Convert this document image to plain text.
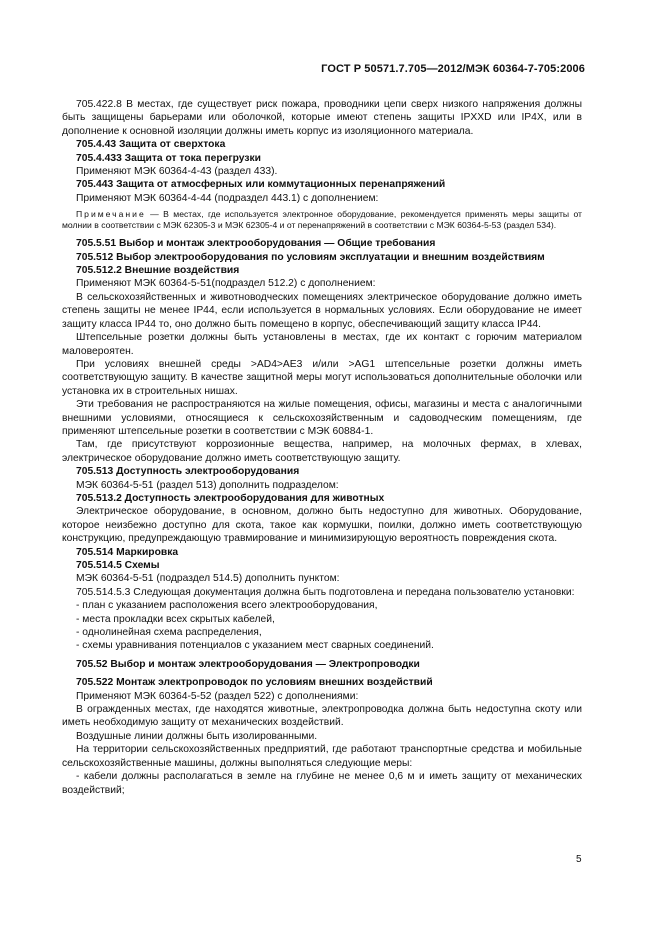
ГОСТ Р 50571.7.705—2012/МЭК 60364-7-705:2006

705.422.8 В местах, где существует риск пожара, проводники цепи сверх низкого напряжения должны быть защищены барьерами или оболочкой, которые имеют степень защиты IPXXD или IP4X, или в дополнение к основной изоляции должны иметь корпус из изоляционного материала.

705.4.43 Защита от сверхтока

705.4.433 Защита от тока перегрузки

Применяют МЭК 60364-4-43 (раздел 433).

705.443 Защита от атмосферных или коммутационных перенапряжений

Применяют МЭК 60364-4-44 (подраздел 443.1) с дополнением:

Примечание — В местах, где используется электронное оборудование, рекомендуется применять меры защиты от молнии в соответствии с МЭК 62305-3 и МЭК 62305-4 и от перенапряжений в соответствии с МЭК 60364-5-53 (раздел 534).

705.5.51 Выбор и монтаж электрооборудования — Общие требования

705.512 Выбор электрооборудования по условиям эксплуатации и внешним воздействиям

705.512.2 Внешние воздействия

Применяют МЭК 60364-5-51(подраздел 512.2) с дополнением:

В сельскохозяйственных и животноводческих помещениях электрическое оборудование должно иметь степень защиты не менее IP44, если используется в нормальных условиях. Если оборудование не имеет защиту класса IP44 то, оно должно быть помещено в корпус, обеспечивающий защиту класса IP44.

Штепсельные розетки должны быть установлены в местах, где их контакт с горючим материалом маловероятен.

При условиях внешней среды >AD4>AE3 и/или >AG1 штепсельные розетки должны иметь соответствующую защиту. В качестве защитной меры могут использоваться дополнительные оболочки или установка их в строительных нишах.

Эти требования не распространяются на жилые помещения, офисы, магазины и места с аналогичными внешними условиями, относящиеся к сельскохозяйственным и садоводческим помещениям, где применяют штепсельные розетки в соответствии с МЭК 60884-1.

Там, где присутствуют коррозионные вещества, например, на молочных фермах, в хлевах, электрическое оборудование должно иметь соответствующую защиту.

705.513 Доступность электрооборудования

МЭК 60364-5-51 (раздел 513) дополнить подразделом:

705.513.2 Доступность электрооборудования для животных

Электрическое оборудование, в основном, должно быть недоступно для животных. Оборудование, которое неизбежно доступно для скота, такое как кормушки, поилки, должно иметь соответствующую конструкцию, предупреждающую травмирование и минимизирующую вероятность повреждения скота.

705.514 Маркировка

705.514.5 Схемы

МЭК 60364-5-51 (подраздел 514.5) дополнить пунктом:

705.514.5.3 Следующая документация должна быть подготовлена и передана пользователю установки:

- план с указанием расположения всего электрооборудования,

- места прокладки всех скрытых кабелей,

- однолинейная схема распределения,

- схемы уравнивания потенциалов с указанием мест сварных соединений.

705.52 Выбор и монтаж электрооборудования — Электропроводки

705.522 Монтаж электропроводок по условиям внешних воздействий

Применяют МЭК 60364-5-52 (раздел 522) с дополнениями:

В огражденных местах, где находятся животные, электропроводка должна быть недоступна скоту или иметь необходимую защиту от механических воздействий.

Воздушные линии должны быть изолированными.

На территории сельскохозяйственных предприятий, где работают транспортные средства и мобильные сельскохозяйственные машины, должны выполняться следующие меры:

- кабели должны располагаться в земле на глубине не менее 0,6 м и иметь защиту от механических воздействий;

5
